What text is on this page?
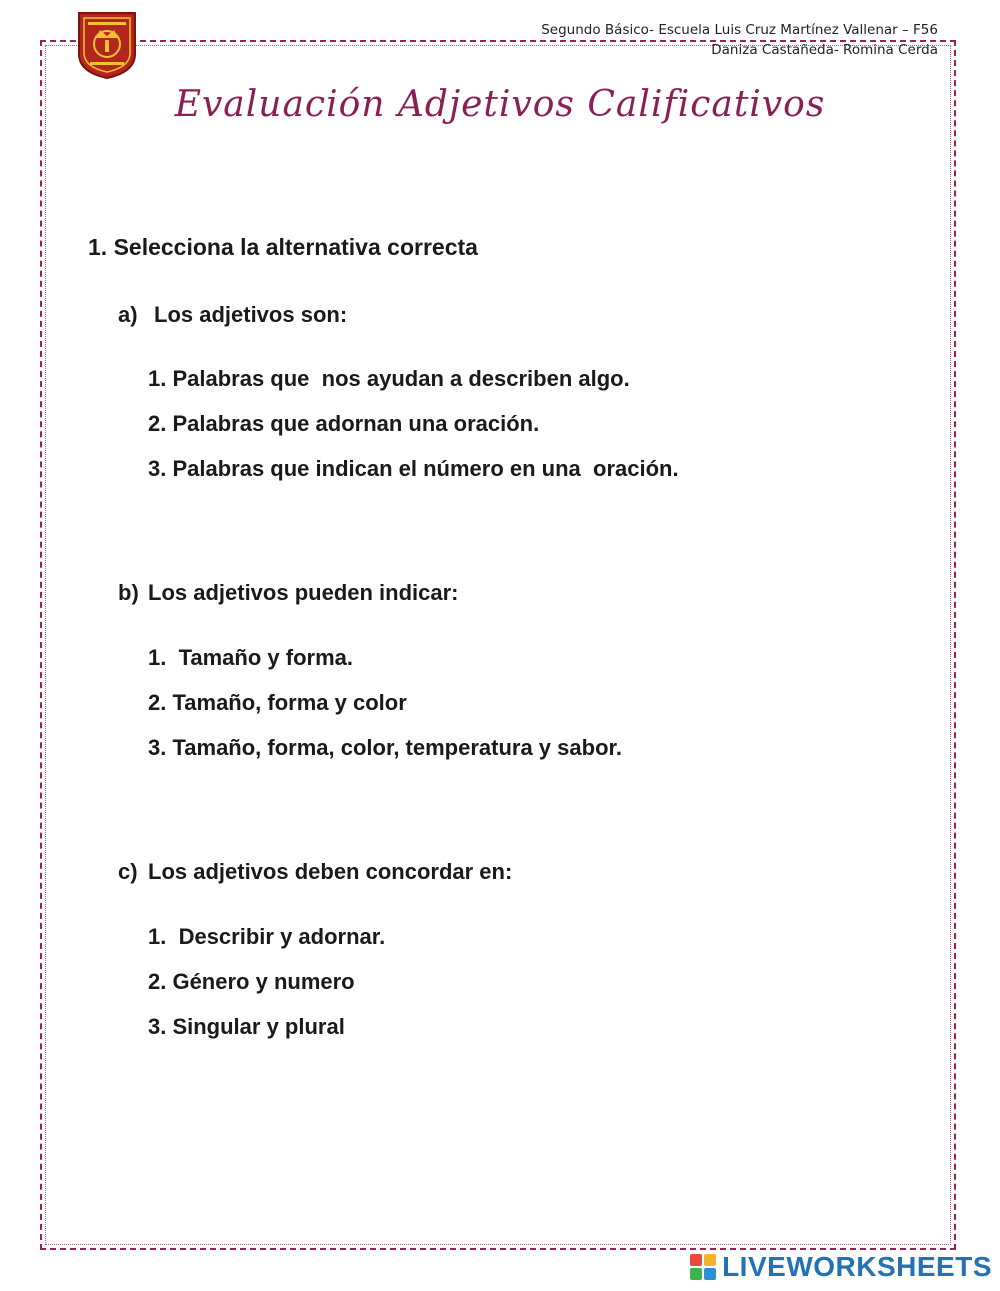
Segundo Básico- Escuela Luis Cruz Martínez Vallenar – F56
Daniza Castañeda- Romina Cerda
Evaluación Adjetivos Calificativos

1. Selecciona la alternativa correcta

a) Los adjetivos son:

1. Palabras que  nos ayudan a describen algo.

2. Palabras que adornan una oración.

3. Palabras que indican el número en una  oración.

b) Los adjetivos pueden indicar:

1.  Tamaño y forma.

2. Tamaño, forma y color

3. Tamaño, forma, color, temperatura y sabor.

c) Los adjetivos deben concordar en:

1.  Describir y adornar.

2. Género y numero

3. Singular y plural

LIVEWORKSHEETS
